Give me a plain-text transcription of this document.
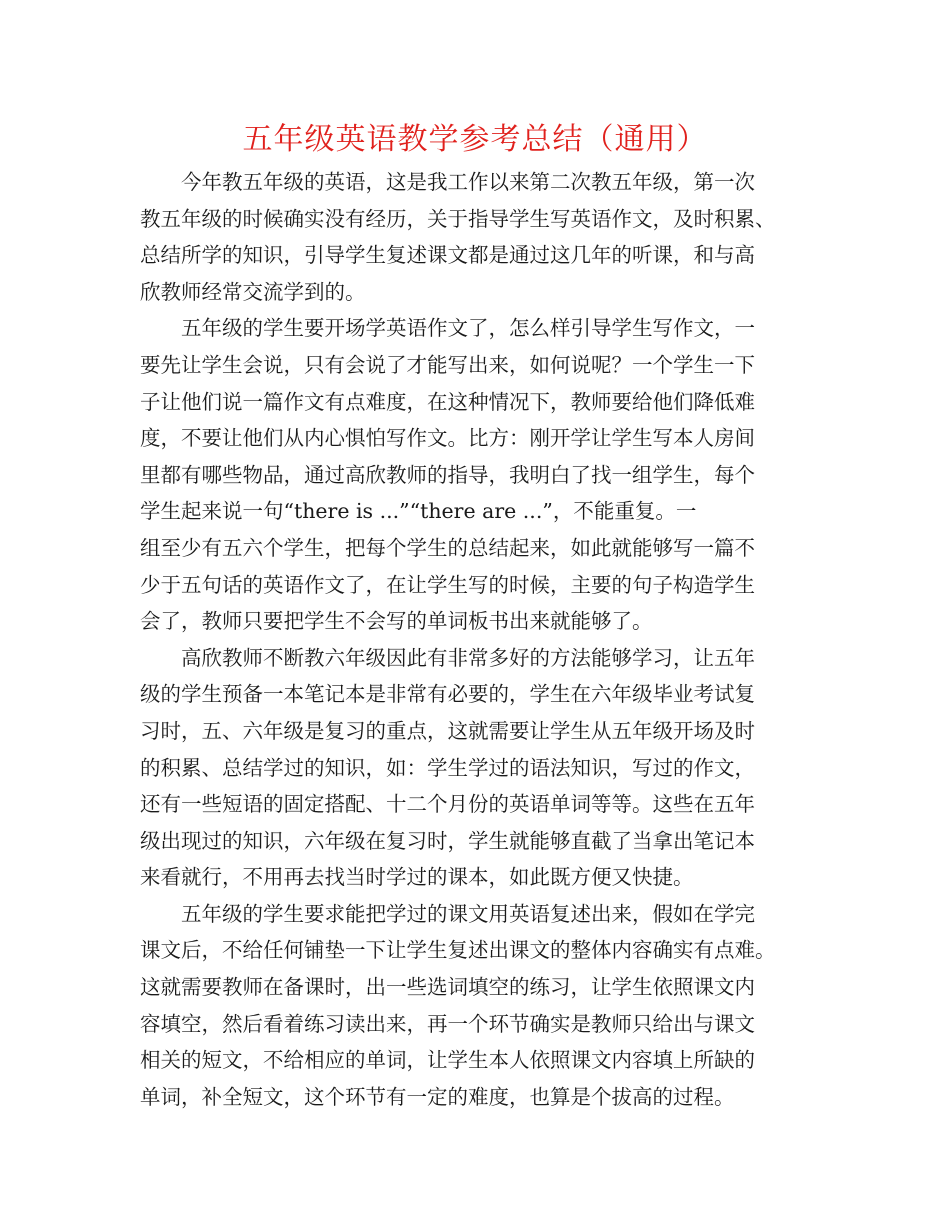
五年级英语教学参考总结（通用）

今年教五年级的英语，这是我工作以来第二次教五年级，第一次
教五年级的时候确实没有经历，关于指导学生写英语作文，及时积累、
总结所学的知识，引导学生复述课文都是通过这几年的听课，和与高
欣教师经常交流学到的。

五年级的学生要开场学英语作文了，怎么样引导学生写作文，一
要先让学生会说，只有会说了才能写出来，如何说呢？一个学生一下
子让他们说一篇作文有点难度，在这种情况下，教师要给他们降低难
度，不要让他们从内心惧怕写作文。比方：刚开学让学生写本人房间
里都有哪些物品，通过高欣教师的指导，我明白了找一组学生，每个
学生起来说一句“there is ...”“there are ...”，不能重复。一
组至少有五六个学生，把每个学生的总结起来，如此就能够写一篇不
少于五句话的英语作文了，在让学生写的时候，主要的句子构造学生
会了，教师只要把学生不会写的单词板书出来就能够了。

高欣教师不断教六年级因此有非常多好的方法能够学习，让五年
级的学生预备一本笔记本是非常有必要的，学生在六年级毕业考试复
习时，五、六年级是复习的重点，这就需要让学生从五年级开场及时
的积累、总结学过的知识，如：学生学过的语法知识，写过的作文，
还有一些短语的固定搭配、十二个月份的英语单词等等。这些在五年
级出现过的知识，六年级在复习时，学生就能够直截了当拿出笔记本
来看就行，不用再去找当时学过的课本，如此既方便又快捷。

五年级的学生要求能把学过的课文用英语复述出来，假如在学完
课文后，不给任何铺垫一下让学生复述出课文的整体内容确实有点难。
这就需要教师在备课时，出一些选词填空的练习，让学生依照课文内
容填空，然后看着练习读出来，再一个环节确实是教师只给出与课文
相关的短文，不给相应的单词，让学生本人依照课文内容填上所缺的
单词，补全短文，这个环节有一定的难度，也算是个拔高的过程。
